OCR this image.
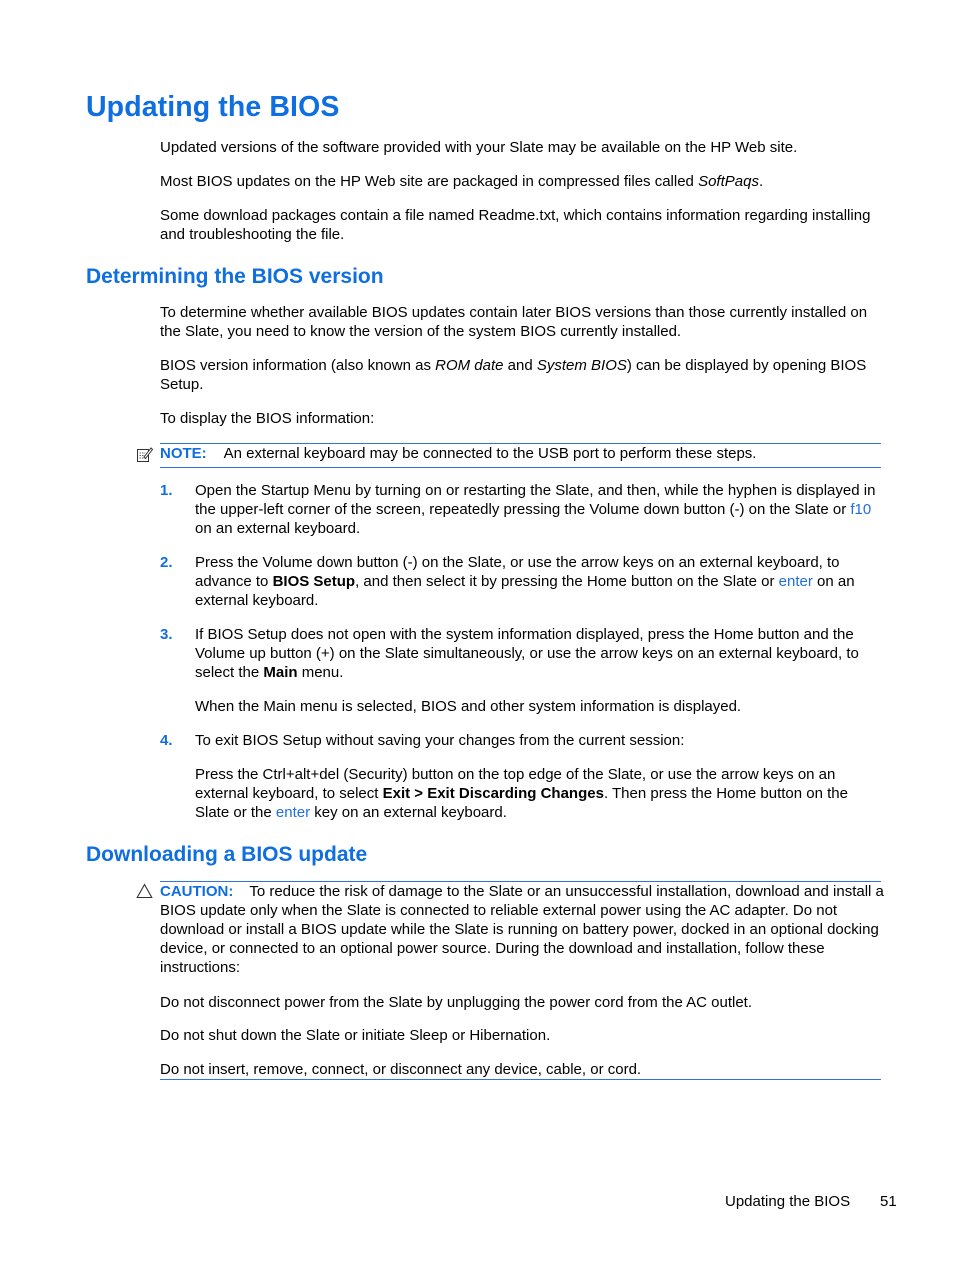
Updating the BIOS
Updated versions of the software provided with your Slate may be available on the HP Web site.
Most BIOS updates on the HP Web site are packaged in compressed files called SoftPaqs.
Some download packages contain a file named Readme.txt, which contains information regarding installing and troubleshooting the file.
Determining the BIOS version
To determine whether available BIOS updates contain later BIOS versions than those currently installed on the Slate, you need to know the version of the system BIOS currently installed.
BIOS version information (also known as ROM date and System BIOS) can be displayed by opening BIOS Setup.
To display the BIOS information:
NOTE: An external keyboard may be connected to the USB port to perform these steps.
1. Open the Startup Menu by turning on or restarting the Slate, and then, while the hyphen is displayed in the upper-left corner of the screen, repeatedly pressing the Volume down button (-) on the Slate or f10 on an external keyboard.
2. Press the Volume down button (-) on the Slate, or use the arrow keys on an external keyboard, to advance to BIOS Setup, and then select it by pressing the Home button on the Slate or enter on an external keyboard.
3. If BIOS Setup does not open with the system information displayed, press the Home button and the Volume up button (+) on the Slate simultaneously, or use the arrow keys on an external keyboard, to select the Main menu.
When the Main menu is selected, BIOS and other system information is displayed.
4. To exit BIOS Setup without saving your changes from the current session:
Press the Ctrl+alt+del (Security) button on the top edge of the Slate, or use the arrow keys on an external keyboard, to select Exit > Exit Discarding Changes. Then press the Home button on the Slate or the enter key on an external keyboard.
Downloading a BIOS update
CAUTION: To reduce the risk of damage to the Slate or an unsuccessful installation, download and install a BIOS update only when the Slate is connected to reliable external power using the AC adapter. Do not download or install a BIOS update while the Slate is running on battery power, docked in an optional docking device, or connected to an optional power source. During the download and installation, follow these instructions:
Do not disconnect power from the Slate by unplugging the power cord from the AC outlet.
Do not shut down the Slate or initiate Sleep or Hibernation.
Do not insert, remove, connect, or disconnect any device, cable, or cord.
Updating the BIOS 51
